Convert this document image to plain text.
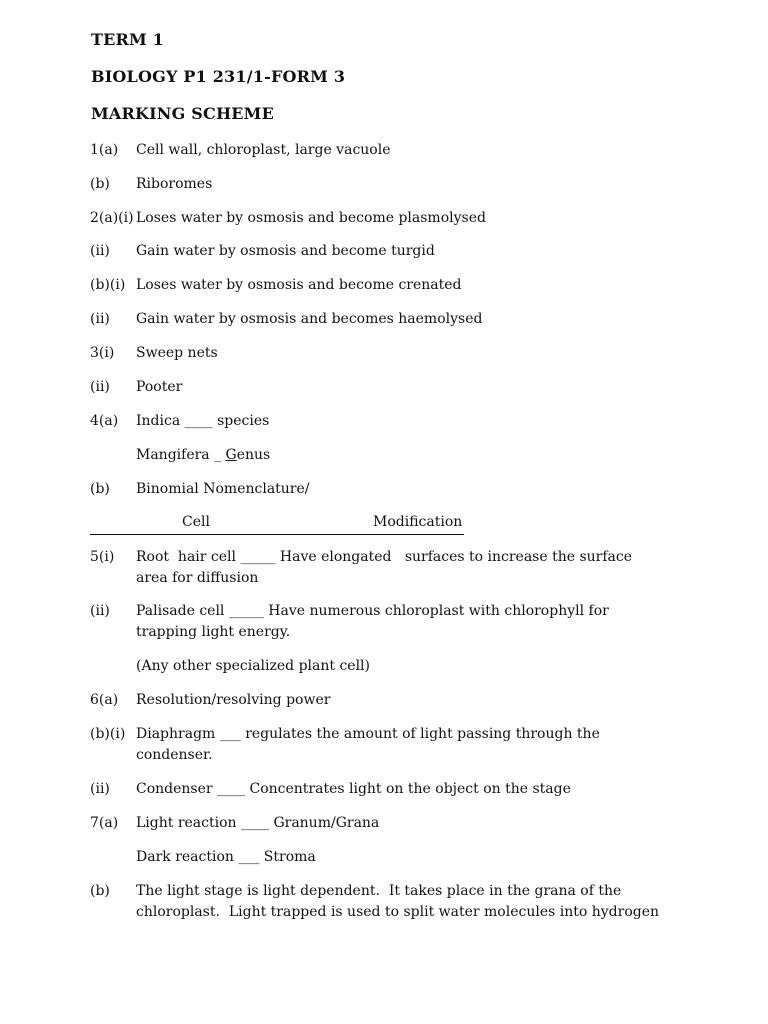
TERM 1
BIOLOGY P1 231/1-FORM 3
MARKING SCHEME
1(a) Cell wall, chloroplast, large vacuole
(b) Riboromes
2(a)(i) Loses water by osmosis and become plasmolysed
(ii) Gain water by osmosis and become turgid
(b)(i) Loses water by osmosis and become crenated
(ii) Gain water by osmosis and becomes haemolysed
3(i) Sweep nets
(ii) Pooter
4(a) Indica ____ species
Mangifera _ Genus
(b) Binomial Nomenclature/
Cell	Modification
5(i) Root  hair cell _____ Have elongated   surfaces to increase the surface area for diffusion
(ii) Palisade cell _____ Have numerous chloroplast with chlorophyll for trapping light energy.
(Any other specialized plant cell)
6(a) Resolution/resolving power
(b)(i) Diaphragm ___ regulates the amount of light passing through the condenser.
(ii) Condenser ____ Concentrates light on the object on the stage
7(a) Light reaction ____ Granum/Grana
Dark reaction ___ Stroma
(b) The light stage is light dependent.  It takes place in the grana of the chloroplast.  Light trapped is used to split water molecules into hydrogen
